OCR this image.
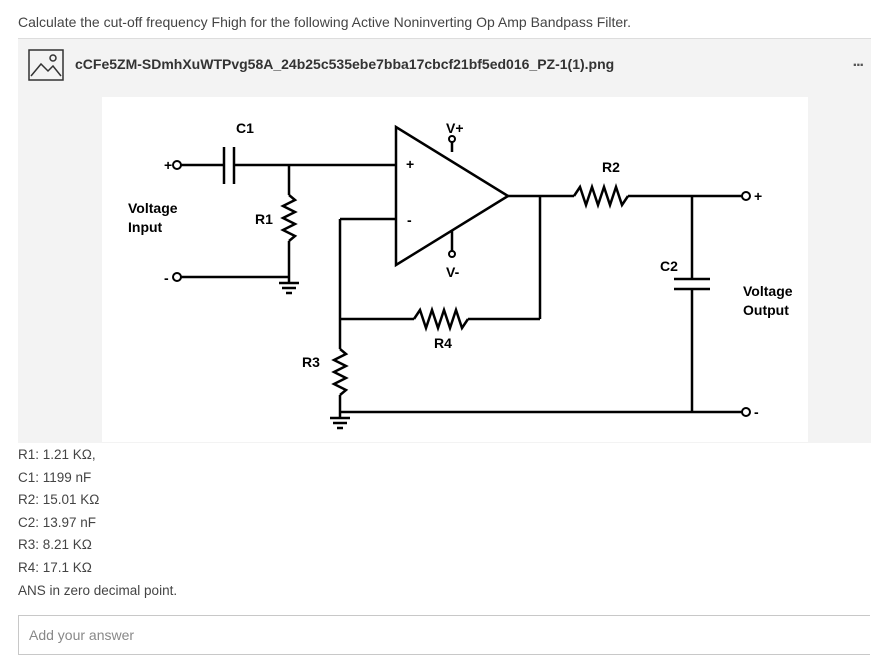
Calculate the cut-off frequency Fhigh for the following Active Noninverting Op Amp Bandpass Filter.
cCFe5ZM-SDmhXuWTPvg58A_24b25c535ebe7bba17cbcf21bf5ed016_PZ-1(1).png	...
C1
R1
R2
C2
R3
R4
V+
V-
+
-
+
-
+
-
Voltage
Input
Voltage
Output
R1: 1.21 KΩ,
C1: 1199 nF
R2: 15.01 KΩ
C2: 13.97 nF
R3: 8.21 KΩ
R4: 17.1 KΩ
ANS in zero decimal point.
Add your answer
